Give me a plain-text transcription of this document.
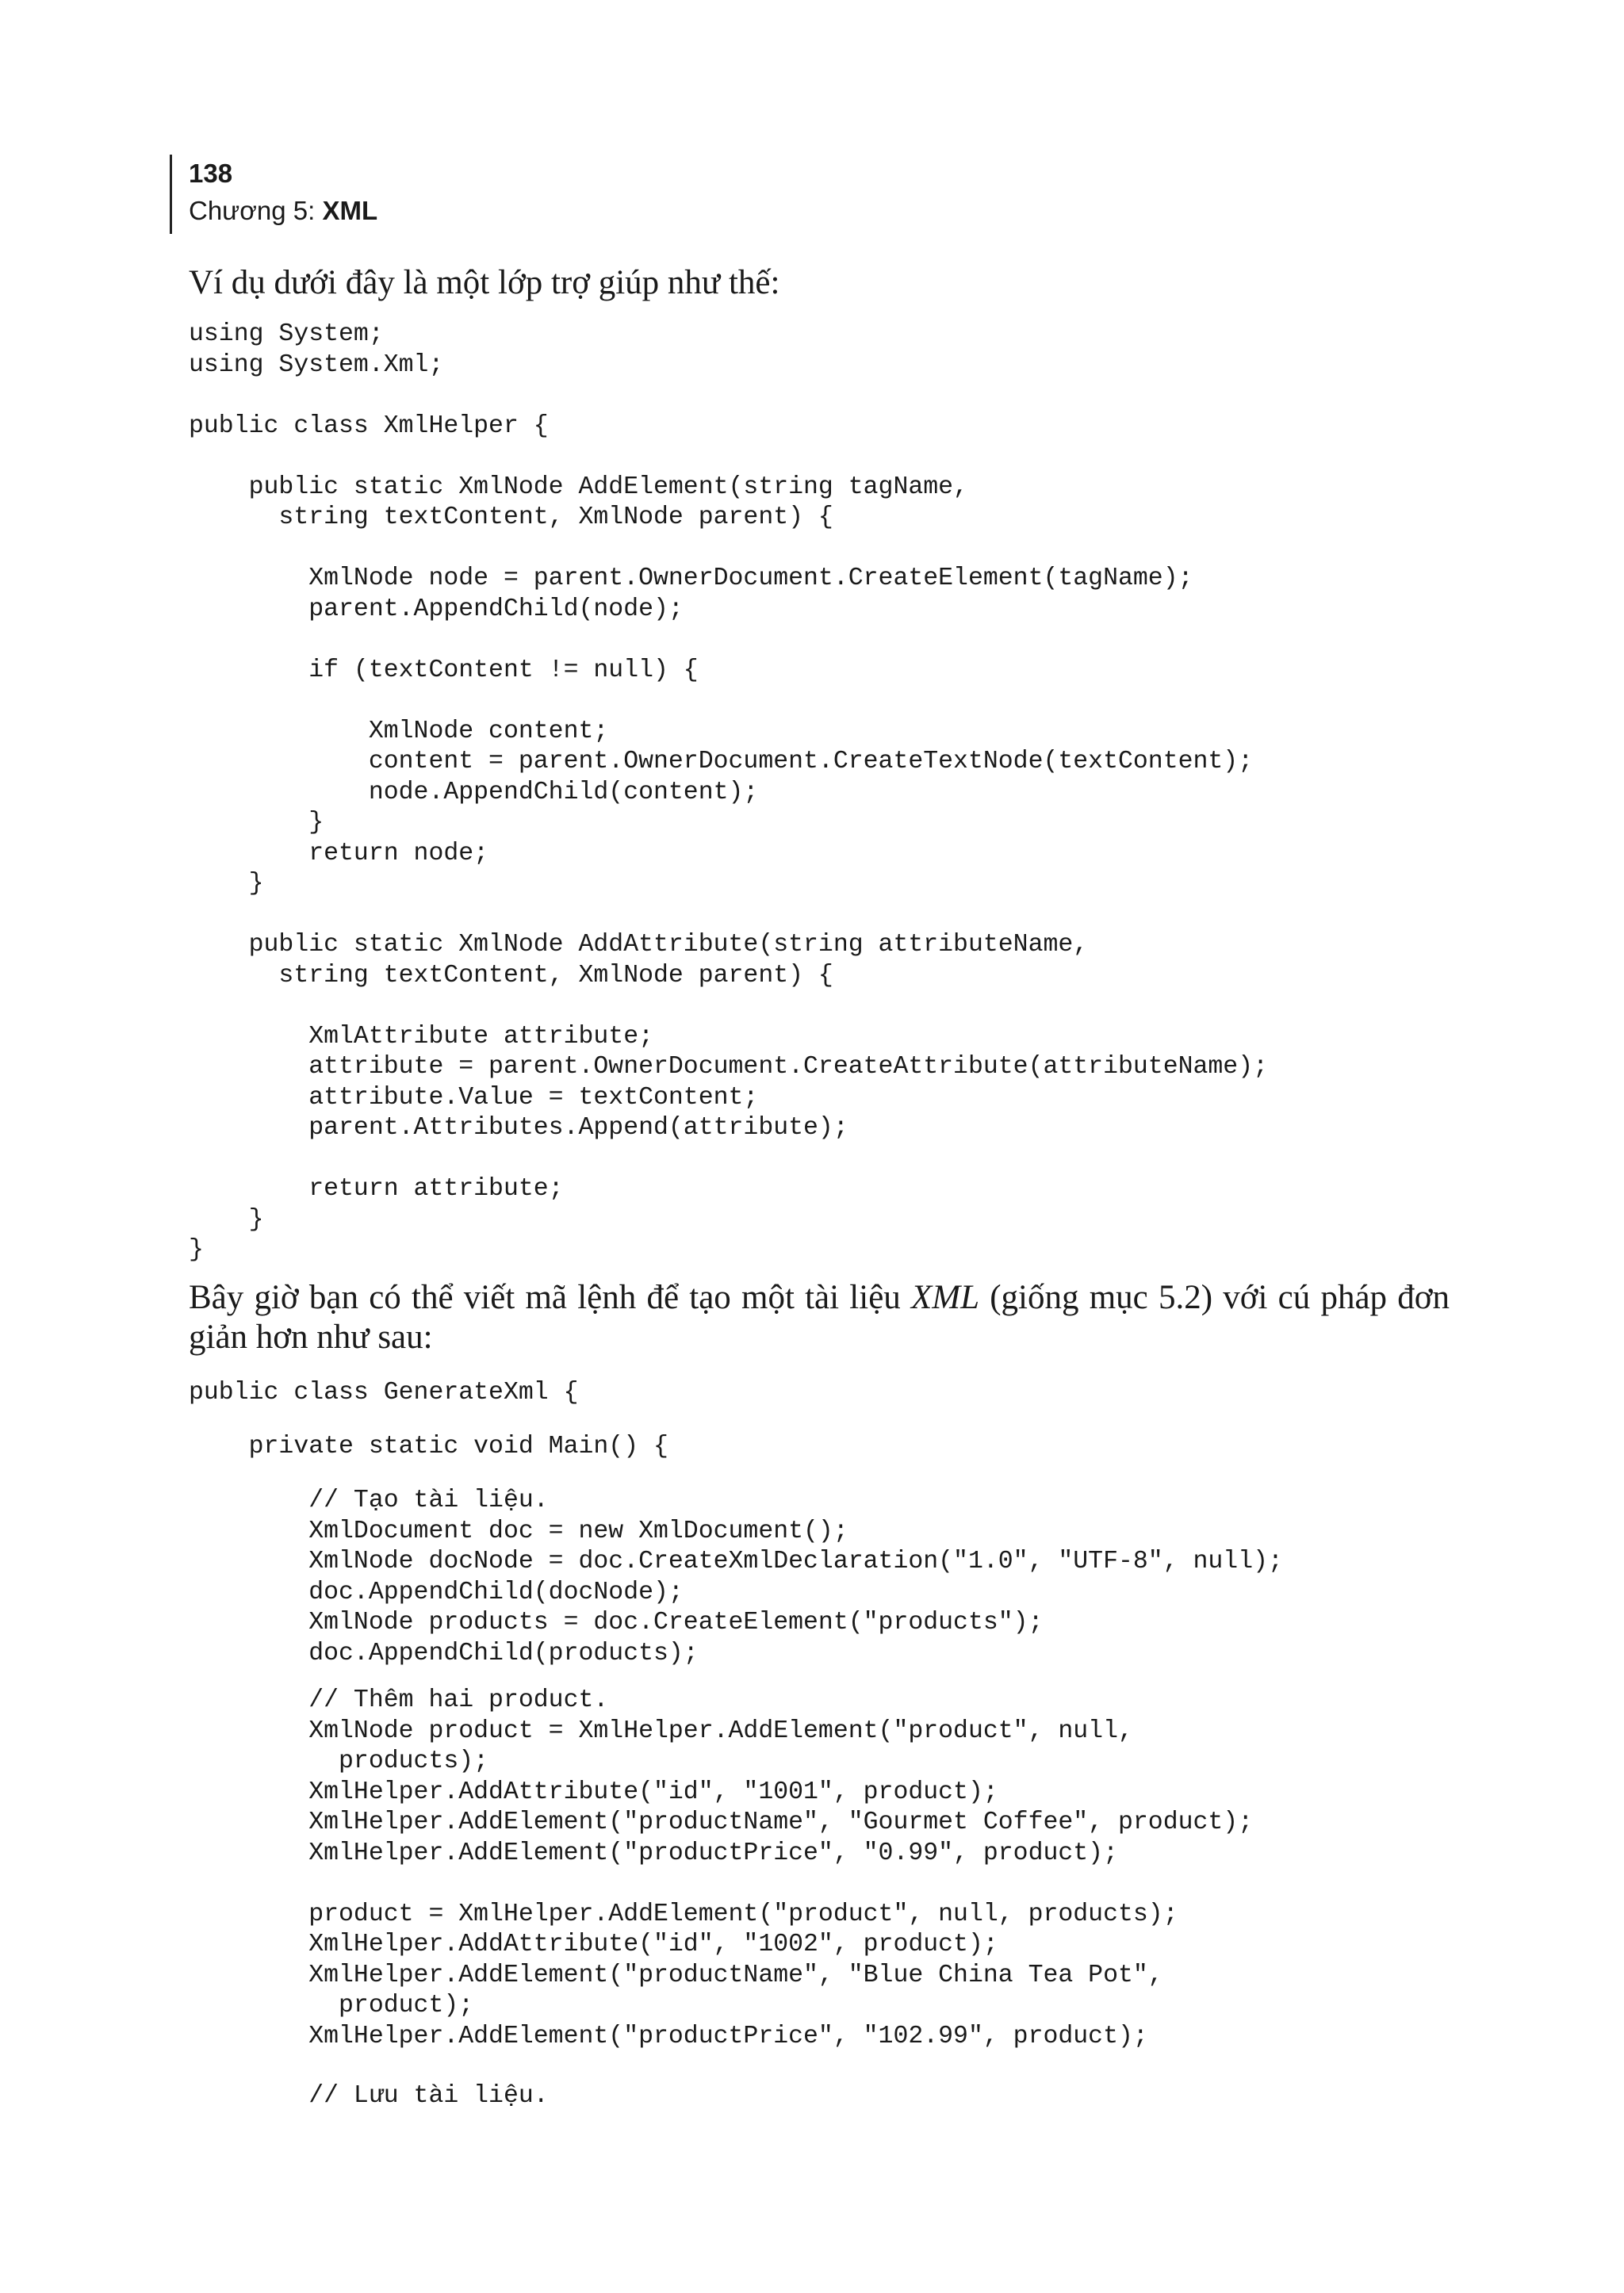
138

Chương 5: XML

Ví dụ dưới đây là một lớp trợ giúp như thế:

using System;
using System.Xml;

public class XmlHelper {

public static XmlNode AddElement(string tagName,
string textContent, XmlNode parent) {

XmlNode node = parent.OwnerDocument.CreateElement(tagName);
parent.AppendChild(node);

if (textContent != null) {

XmlNode content;
content = parent.OwnerDocument.CreateTextNode(textContent);
node.AppendChild(content);
}
return node;
}

public static XmlNode AddAttribute(string attributeName,
string textContent, XmlNode parent) {

XmlAttribute attribute;
attribute = parent.OwnerDocument.CreateAttribute(attributeName);
attribute.Value = textContent;
parent.Attributes.Append(attribute);

return attribute;
}
}

Bây giờ bạn có thể viết mã lệnh để tạo một tài liệu XML (giống mục 5.2) với cú pháp đơn giản hơn như sau:

public class GenerateXml {
private static void Main() {
// Tạo tài liệu.
XmlDocument doc = new XmlDocument();
XmlNode docNode = doc.CreateXmlDeclaration("1.0", "UTF-8", null);
doc.AppendChild(docNode);
XmlNode products = doc.CreateElement("products");
doc.AppendChild(products);
// Thêm hai product.
XmlNode product = XmlHelper.AddElement("product", null,
products);
XmlHelper.AddAttribute("id", "1001", product);
XmlHelper.AddElement("productName", "Gourmet Coffee", product);
XmlHelper.AddElement("productPrice", "0.99", product);

product = XmlHelper.AddElement("product", null, products);
XmlHelper.AddAttribute("id", "1002", product);
XmlHelper.AddElement("productName", "Blue China Tea Pot",
product);
XmlHelper.AddElement("productPrice", "102.99", product);
// Lưu tài liệu.
